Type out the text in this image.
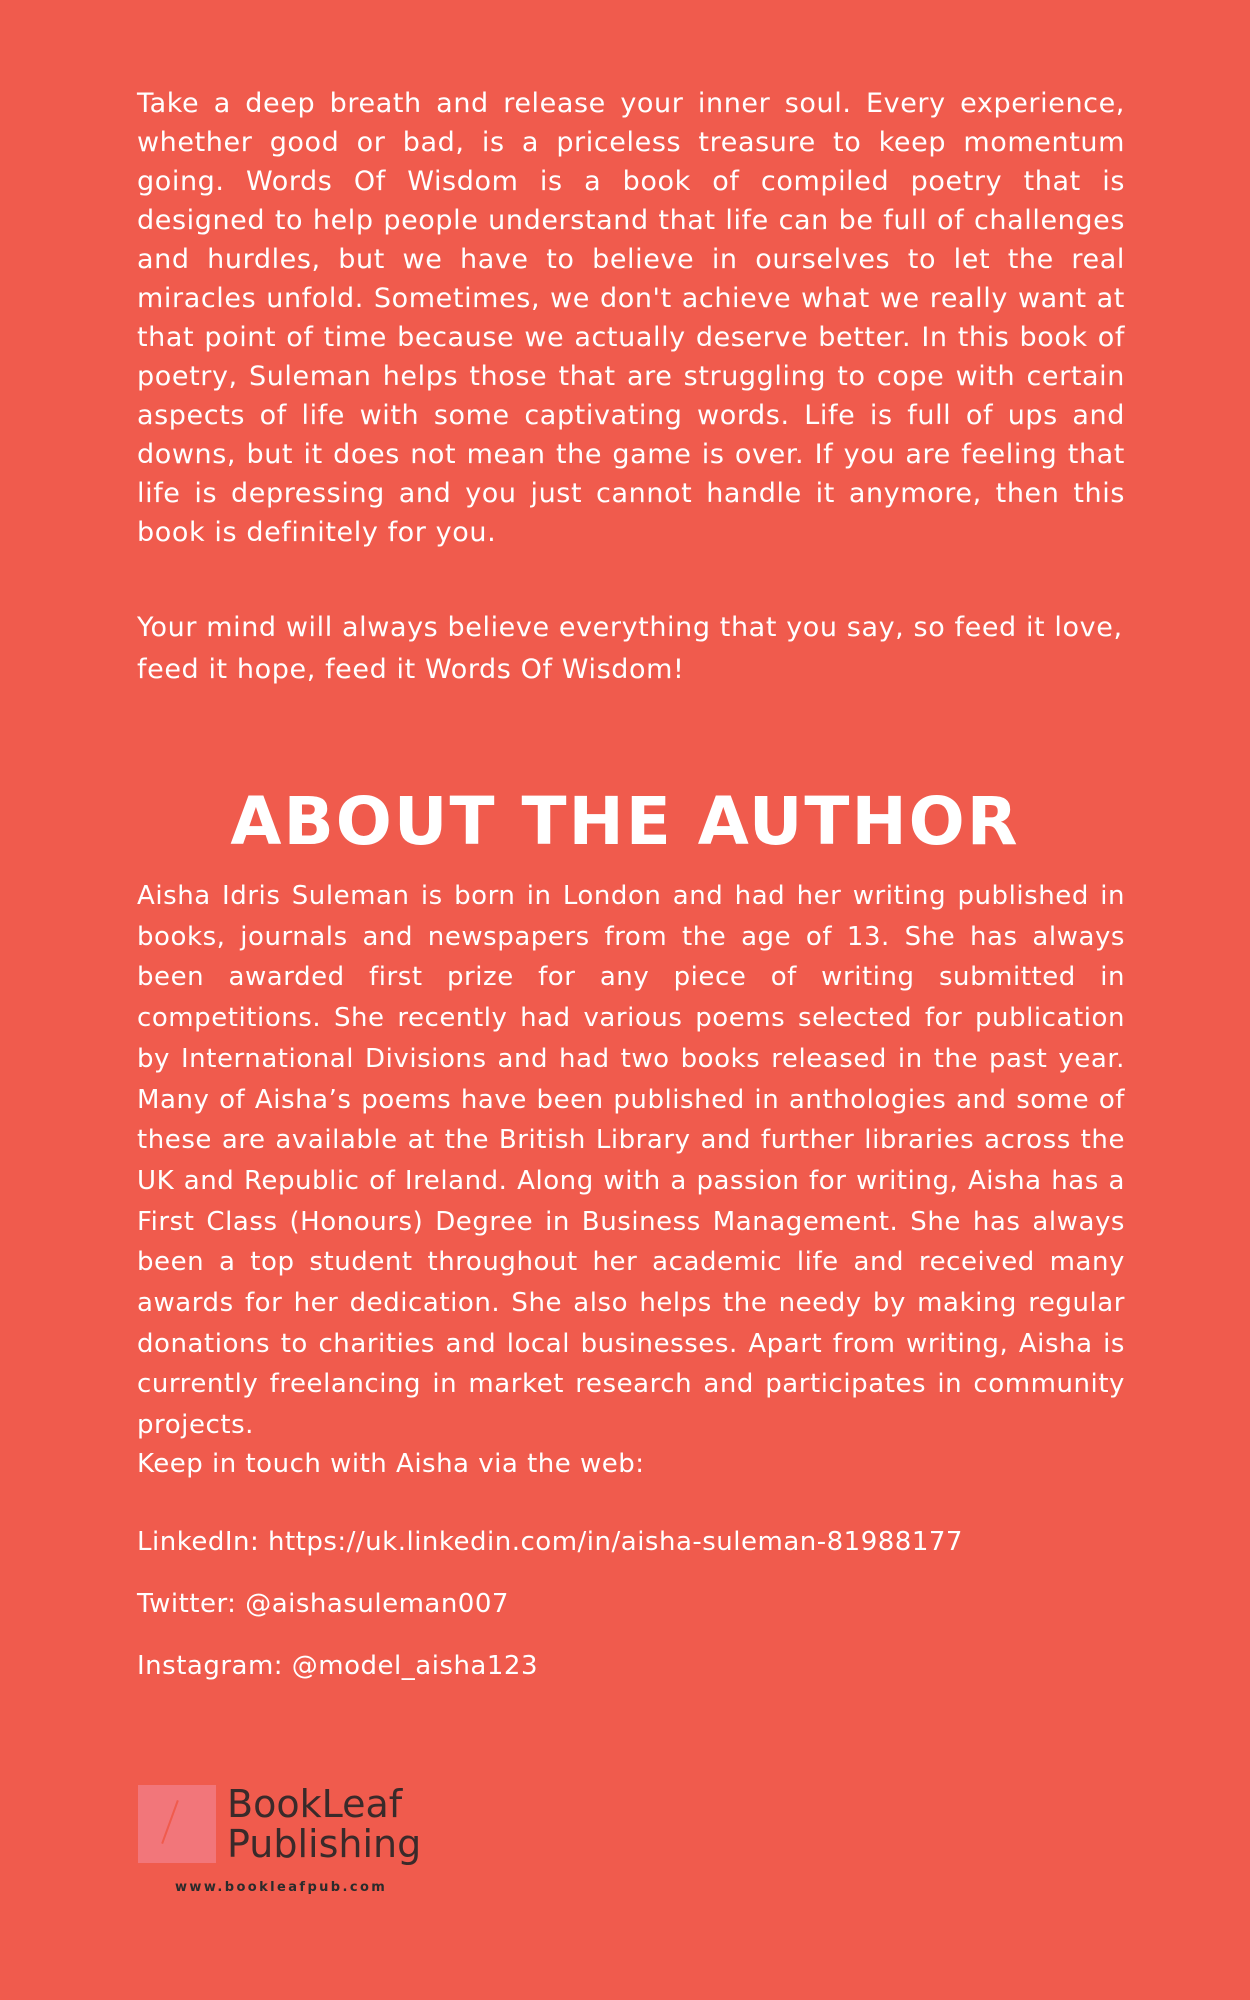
Take a deep breath and release your inner soul. Every experience, whether good or bad, is a priceless treasure to keep momentum going. Words Of Wisdom is a book of compiled poetry that is designed to help people understand that life can be full of challenges and hurdles, but we have to believe in ourselves to let the real miracles unfold. Sometimes, we don't achieve what we really want at that point of time because we actually deserve better. In this book of poetry, Suleman helps those that are struggling to cope with certain aspects of life with some captivating words. Life is full of ups and downs, but it does not mean the game is over. If you are feeling that life is depressing and you just cannot handle it anymore, then this book is definitely for you.

Your mind will always believe everything that you say, so feed it love, feed it hope, feed it Words Of Wisdom!

ABOUT THE AUTHOR

Aisha Idris Suleman is born in London and had her writing published in books, journals and newspapers from the age of 13. She has always been awarded first prize for any piece of writing submitted in competitions. She recently had various poems selected for publication by International Divisions and had two books released in the past year. Many of Aisha’s poems have been published in anthologies and some of these are available at the British Library and further libraries across the UK and Republic of Ireland. Along with a passion for writing, Aisha has a First Class (Honours) Degree in Business Management. She has always been a top student throughout her academic life and received many awards for her dedication. She also helps the needy by making regular donations to charities and local businesses. Apart from writing, Aisha is currently freelancing in market research and participates in community projects.

Keep in touch with Aisha via the web:

LinkedIn: https://uk.linkedin.com/in/aisha-suleman-81988177

Twitter: @aishasuleman007

Instagram: @model_aisha123

BookLeaf
Publishing
www.bookleafpub.com
